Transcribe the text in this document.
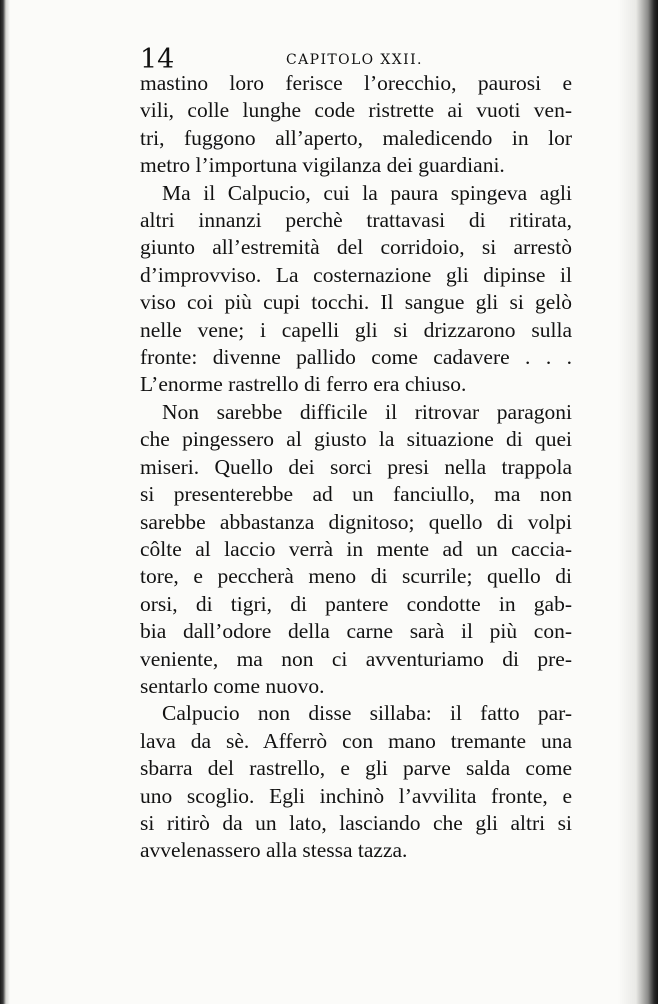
14	CAPITOLO XXII.

mastino loro ferisce l’orecchio, paurosi e
vili, colle lunghe code ristrette ai vuoti ven-
tri, fuggono all’aperto, maledicendo in lor
metro l’importuna vigilanza dei guardiani.

Ma il Calpucio, cui la paura spingeva agli
altri innanzi perchè trattavasi di ritirata,
giunto all’estremità del corridoio, si arrestò
d’improvviso. La costernazione gli dipinse il
viso coi più cupi tocchi. Il sangue gli si gelò
nelle vene; i capelli gli si drizzarono sulla
fronte: divenne pallido come cadavere . . .
L’enorme rastrello di ferro era chiuso.

Non sarebbe difficile il ritrovar paragoni
che pingessero al giusto la situazione di quei
miseri. Quello dei sorci presi nella trappola
si presenterebbe ad un fanciullo, ma non
sarebbe abbastanza dignitoso; quello di volpi
côlte al laccio verrà in mente ad un caccia-
tore, e peccherà meno di scurrile; quello di
orsi, di tigri, di pantere condotte in gab-
bia dall’odore della carne sarà il più con-
veniente, ma non ci avventuriamo di pre-
sentarlo come nuovo.

Calpucio non disse sillaba: il fatto par-
lava da sè. Afferrò con mano tremante una
sbarra del rastrello, e gli parve salda come
uno scoglio. Egli inchinò l’avvilita fronte, e
si ritirò da un lato, lasciando che gli altri si
avvelenassero alla stessa tazza.
